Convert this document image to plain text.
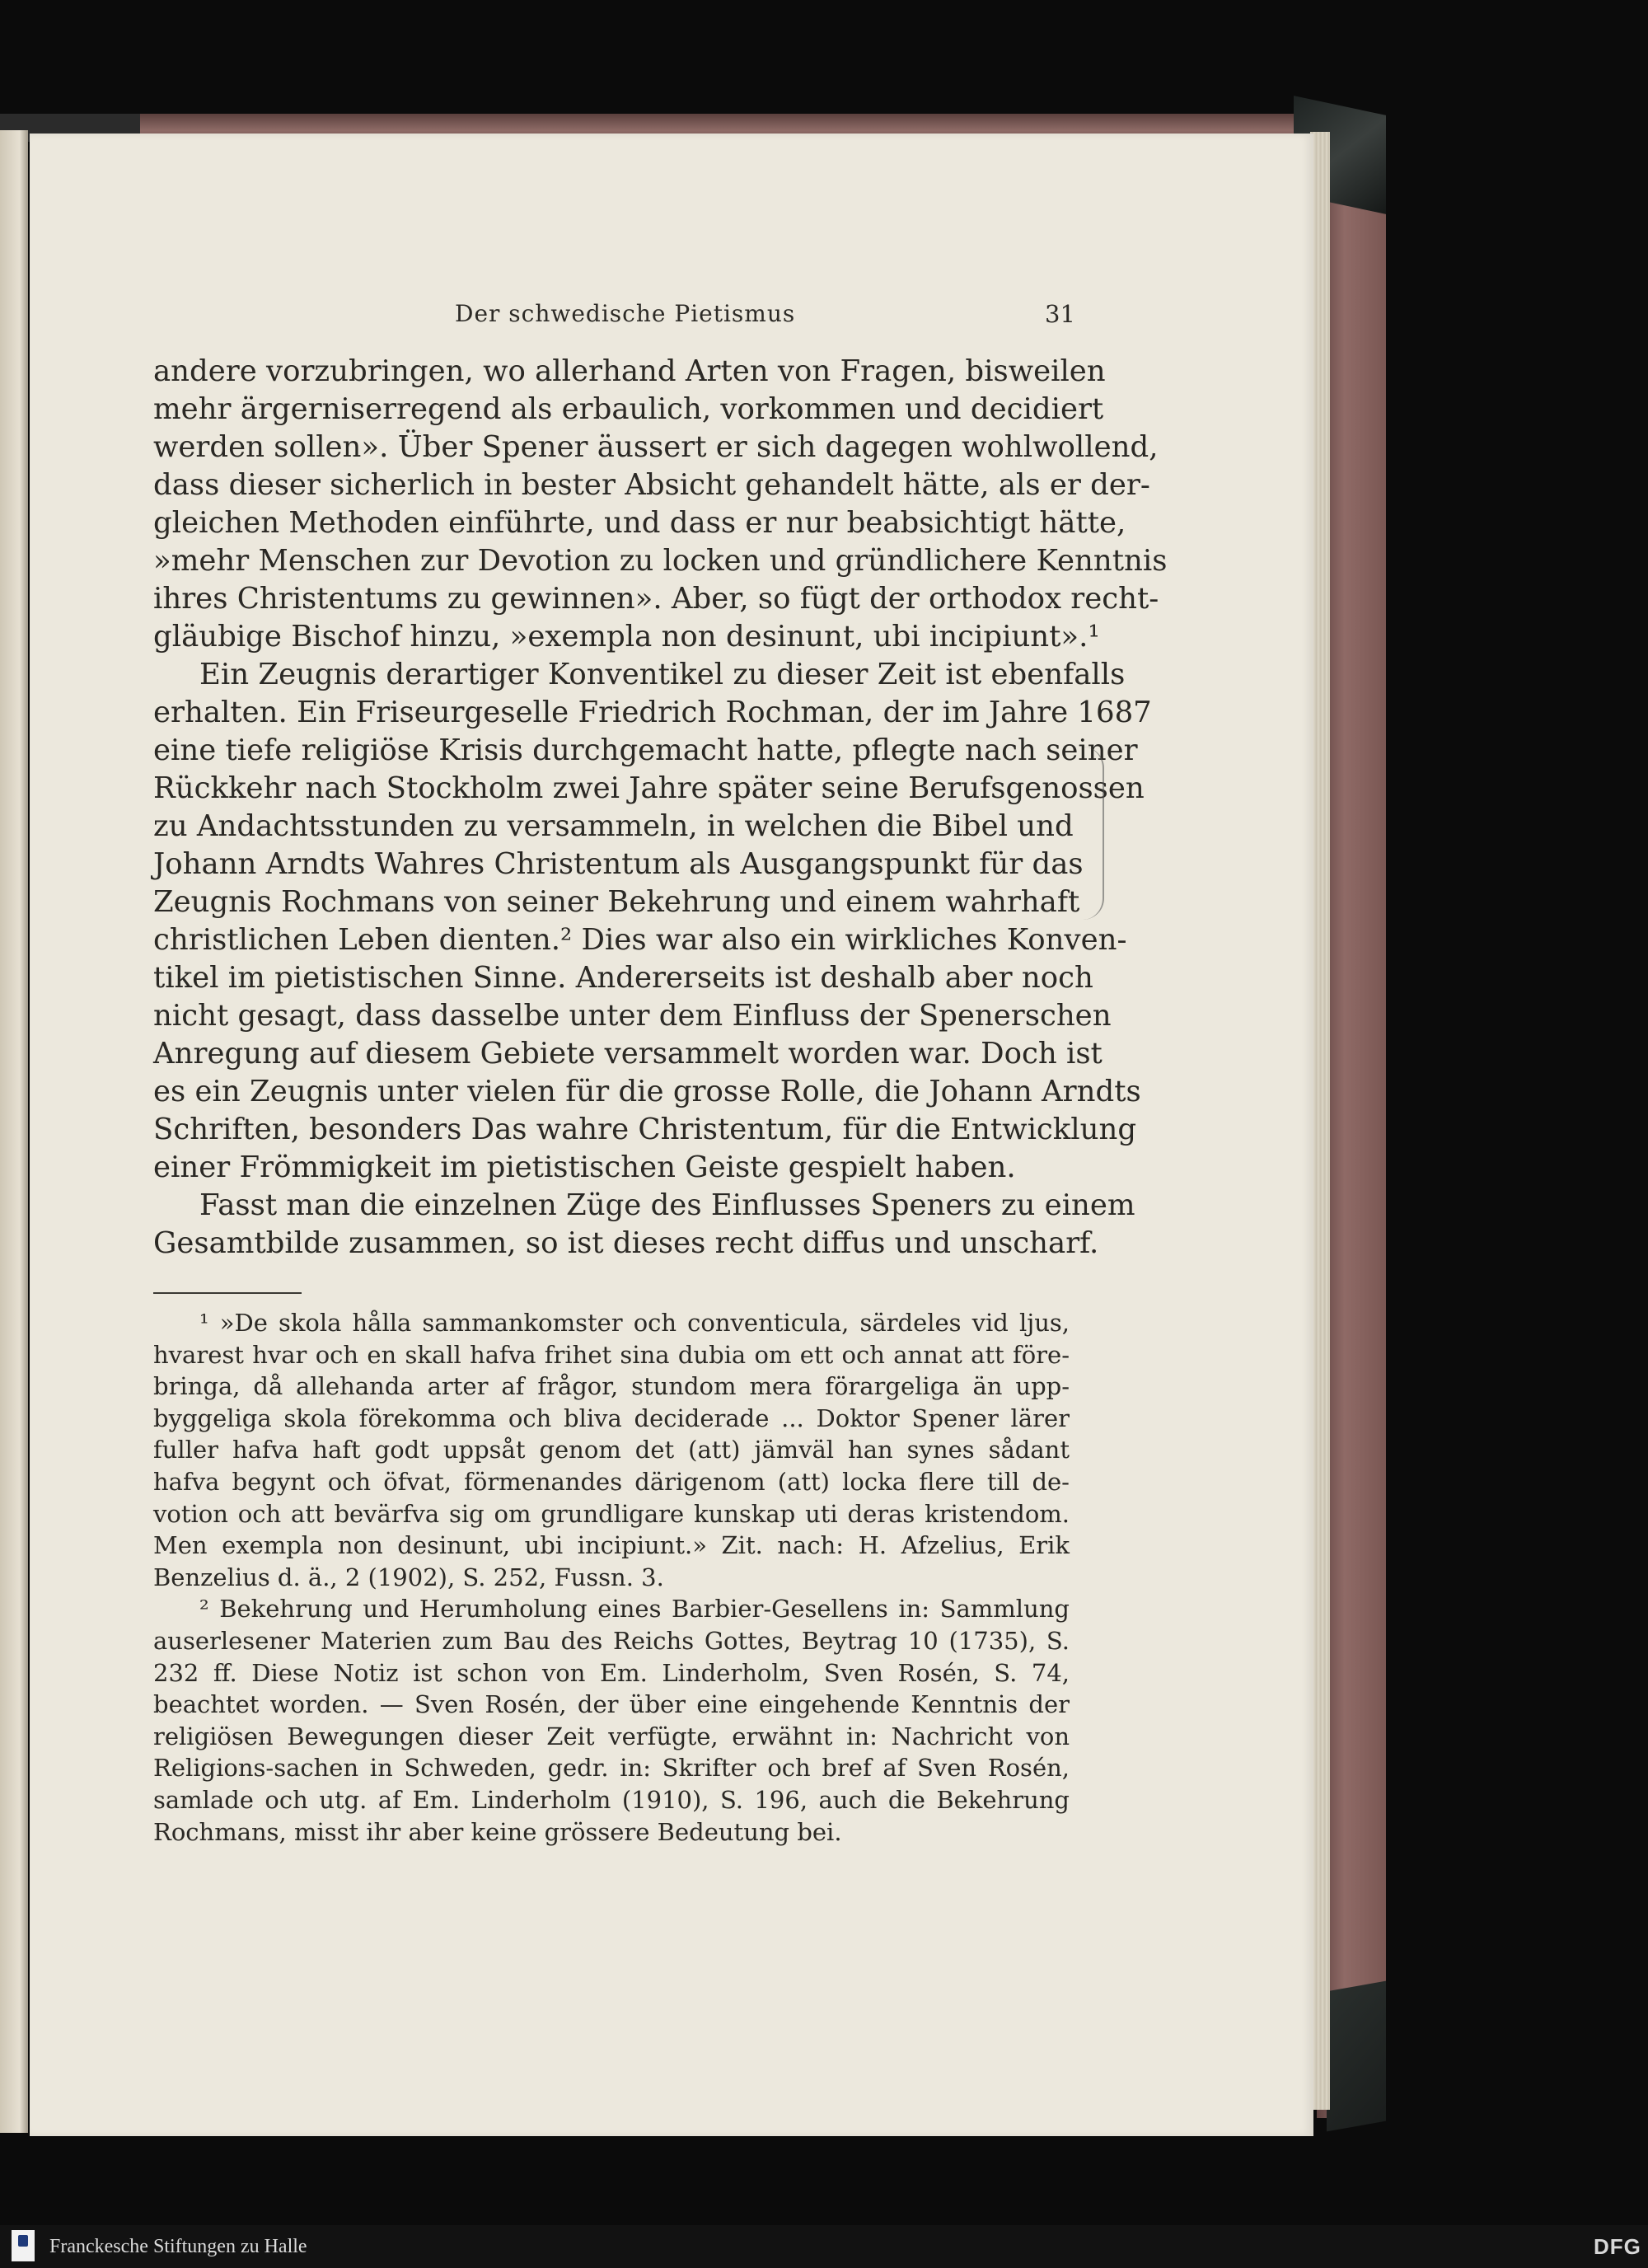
Der schwedische Pietismus	31
andere vorzubringen, wo allerhand Arten von Fragen, bisweilen
mehr ärgerniserregend als erbaulich, vorkommen und decidiert
werden sollen». Über Spener äussert er sich dagegen wohlwollend,
dass dieser sicherlich in bester Absicht gehandelt hätte, als er der-
gleichen Methoden einführte, und dass er nur beabsichtigt hätte,
»mehr Menschen zur Devotion zu locken und gründlichere Kenntnis
ihres Christentums zu gewinnen». Aber, so fügt der orthodox recht-
gläubige Bischof hinzu, »exempla non desinunt, ubi incipiunt».¹
Ein Zeugnis derartiger Konventikel zu dieser Zeit ist ebenfalls
erhalten. Ein Friseurgeselle Friedrich Rochman, der im Jahre 1687
eine tiefe religiöse Krisis durchgemacht hatte, pflegte nach seiner
Rückkehr nach Stockholm zwei Jahre später seine Berufsgenossen
zu Andachtsstunden zu versammeln, in welchen die Bibel und
Johann Arndts Wahres Christentum als Ausgangspunkt für das
Zeugnis Rochmans von seiner Bekehrung und einem wahrhaft
christlichen Leben dienten.² Dies war also ein wirkliches Konven-
tikel im pietistischen Sinne. Andererseits ist deshalb aber noch
nicht gesagt, dass dasselbe unter dem Einfluss der Spenerschen
Anregung auf diesem Gebiete versammelt worden war. Doch ist
es ein Zeugnis unter vielen für die grosse Rolle, die Johann Arndts
Schriften, besonders Das wahre Christentum, für die Entwicklung
einer Frömmigkeit im pietistischen Geiste gespielt haben.
Fasst man die einzelnen Züge des Einflusses Speners zu einem
Gesamtbilde zusammen, so ist dieses recht diffus und unscharf.
¹ »De skola hålla sammankomster och conventicula, särdeles vid ljus,
hvarest hvar och en skall hafva frihet sina dubia om ett och annat att före-
bringa, då allehanda arter af frågor, stundom mera förargeliga än upp-
byggeliga skola förekomma och bliva deciderade ... Doktor Spener lärer
fuller hafva haft godt uppsåt genom det (att) jämväl han synes sådant
hafva begynt och öfvat, förmenandes därigenom (att) locka flere till de-
votion och att bevärfva sig om grundligare kunskap uti deras kristendom.
Men exempla non desinunt, ubi incipiunt.» Zit. nach: H. Afzelius, Erik
Benzelius d. ä., 2 (1902), S. 252, Fussn. 3.
² Bekehrung und Herumholung eines Barbier-Gesellens in: Sammlung
auserlesener Materien zum Bau des Reichs Gottes, Beytrag 10 (1735), S.
232 ff. Diese Notiz ist schon von Em. Linderholm, Sven Rosén, S. 74,
beachtet worden. — Sven Rosén, der über eine eingehende Kenntnis der
religiösen Bewegungen dieser Zeit verfügte, erwähnt in: Nachricht von
Religions-sachen in Schweden, gedr. in: Skrifter och bref af Sven Rosén,
samlade och utg. af Em. Linderholm (1910), S. 196, auch die Bekehrung
Rochmans, misst ihr aber keine grössere Bedeutung bei.
Franckesche Stiftungen zu Halle	DFG
